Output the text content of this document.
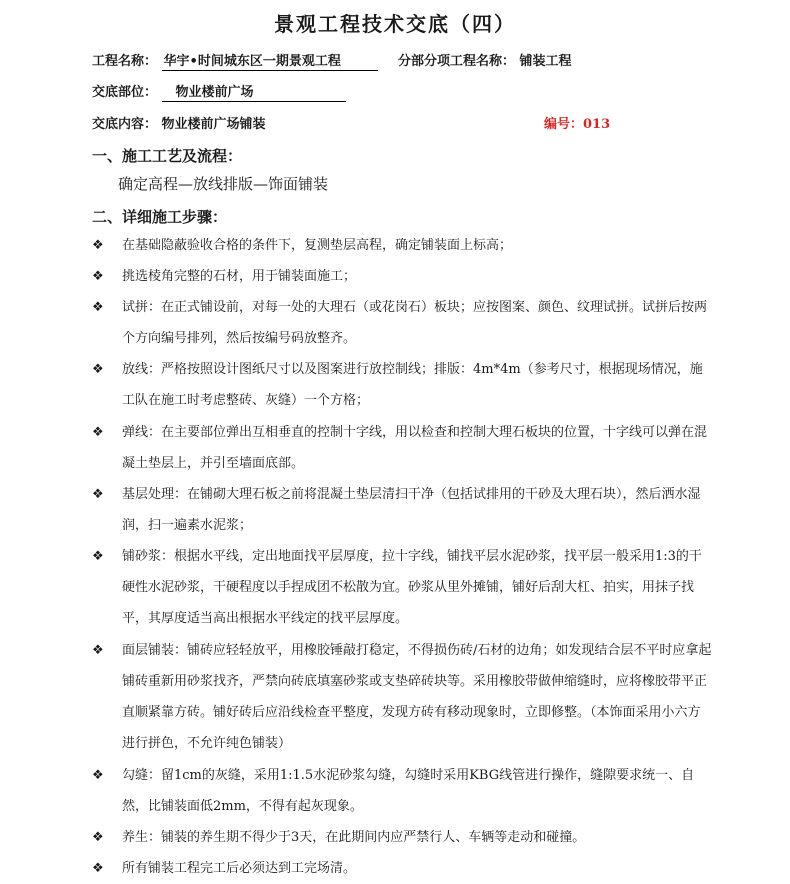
景观工程技术交底（四）
工程名称： 华宇•时间城东区一期景观工程	分部分项工程名称： 铺装工程
交底部位： 物业楼前广场
交底内容： 物业楼前广场铺装	编号：013
一、施工工艺及流程：
确定高程—放线排版—饰面铺装
二、详细施工步骤：
❖ 在基础隐蔽验收合格的条件下，复测垫层高程，确定铺装面上标高；
❖ 挑选棱角完整的石材，用于铺装面施工；
❖ 试拼：在正式铺设前，对每一处的大理石（或花岗石）板块；应按图案、颜色、纹理试拼。试拼后按两个方向编号排列，然后按编号码放整齐。
❖ 放线：严格按照设计图纸尺寸以及图案进行放控制线；排版：4m*4m（参考尺寸，根据现场情况，施工队在施工时考虑整砖、灰缝）一个方格；
❖ 弹线：在主要部位弹出互相垂直的控制十字线，用以检查和控制大理石板块的位置，十字线可以弹在混凝土垫层上，并引至墙面底部。
❖ 基层处理：在铺砌大理石板之前将混凝土垫层清扫干净（包括试排用的干砂及大理石块），然后洒水湿润，扫一遍素水泥浆；
❖ 铺砂浆：根据水平线，定出地面找平层厚度，拉十字线，铺找平层水泥砂浆，找平层一般采用1:3的干硬性水泥砂浆，干硬程度以手捏成团不松散为宜。砂浆从里外摊铺，铺好后刮大杠、拍实，用抹子找平，其厚度适当高出根据水平线定的找平层厚度。
❖ 面层铺装：铺砖应轻轻放平，用橡胶锤敲打稳定，不得损伤砖/石材的边角；如发现结合层不平时应拿起铺砖重新用砂浆找齐，严禁向砖底填塞砂浆或支垫碎砖块等。采用橡胶带做伸缩缝时，应将橡胶带平正直顺紧靠方砖。铺好砖后应沿线检查平整度，发现方砖有移动现象时，立即修整。（本饰面采用小六方进行拼色，不允许纯色铺装）
❖ 勾缝：留1cm的灰缝，采用1:1.5水泥砂浆勾缝，勾缝时采用KBG线管进行操作，缝隙要求统一、自然，比铺装面低2mm，不得有起灰现象。
❖ 养生：铺装的养生期不得少于3天，在此期间内应严禁行人、车辆等走动和碰撞。
❖ 所有铺装工程完工后必须达到工完场清。
